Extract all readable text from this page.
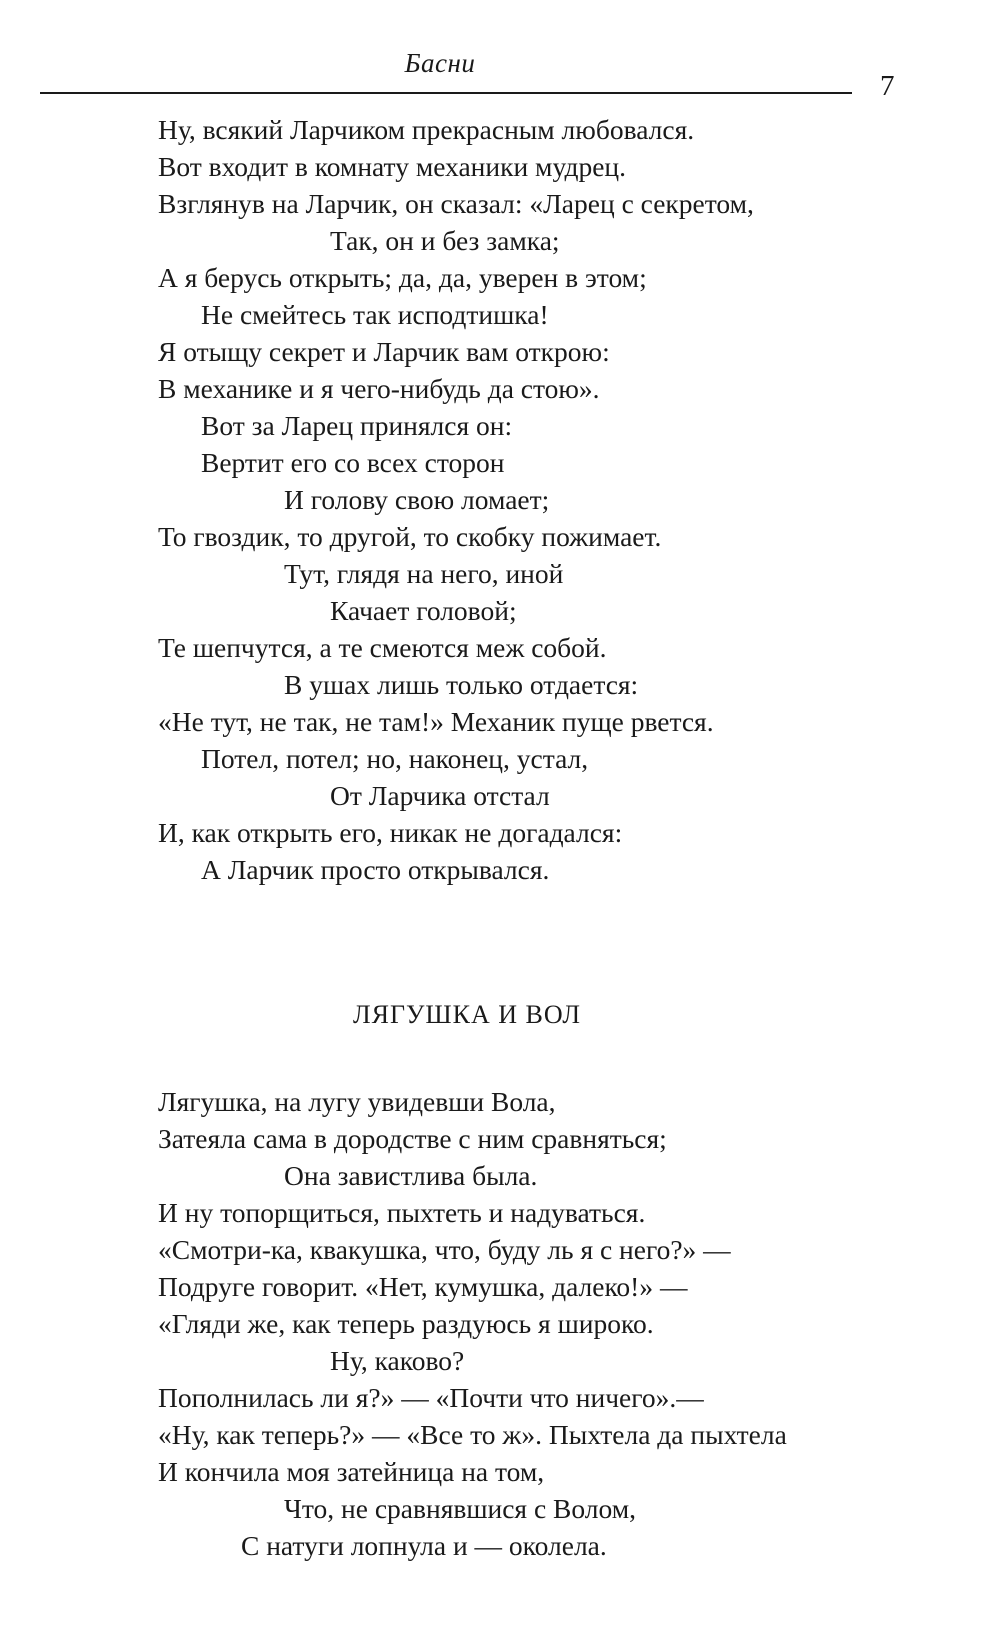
Басни
7
Ну, всякий Ларчиком прекрасным любовался.
Вот входит в комнату механики мудрец.
Взглянув на Ларчик, он сказал: «Ларец с секретом,
Так, он и без замка;
А я берусь открыть; да, да, уверен в этом;
Не смейтесь так исподтишка!
Я отыщу секрет и Ларчик вам открою:
В механике и я чего-нибудь да стою».
Вот за Ларец принялся он:
Вертит его со всех сторон
И голову свою ломает;
То гвоздик, то другой, то скобку пожимает.
Тут, глядя на него, иной
Качает головой;
Те шепчутся, а те смеются меж собой.
В ушах лишь только отдается:
«Не тут, не так, не там!» Механик пуще рвется.
Потел, потел; но, наконец, устал,
От Ларчика отстал
И, как открыть его, никак не догадался:
А Ларчик просто открывался.
ЛЯГУШКА И ВОЛ
Лягушка, на лугу увидевши Вола,
Затеяла сама в дородстве с ним сравняться;
Она завистлива была.
И ну топорщиться, пыхтеть и надуваться.
«Смотри-ка, квакушка, что, буду ль я с него?» —
Подруге говорит. «Нет, кумушка, далеко!» —
«Гляди же, как теперь раздуюсь я широко.
Ну, каково?
Пополнилась ли я?» — «Почти что ничего».—
«Ну, как теперь?» — «Все то ж». Пыхтела да пыхтела
И кончила моя затейница на том,
Что, не сравнявшися с Волом,
С натуги лопнула и — околела.
